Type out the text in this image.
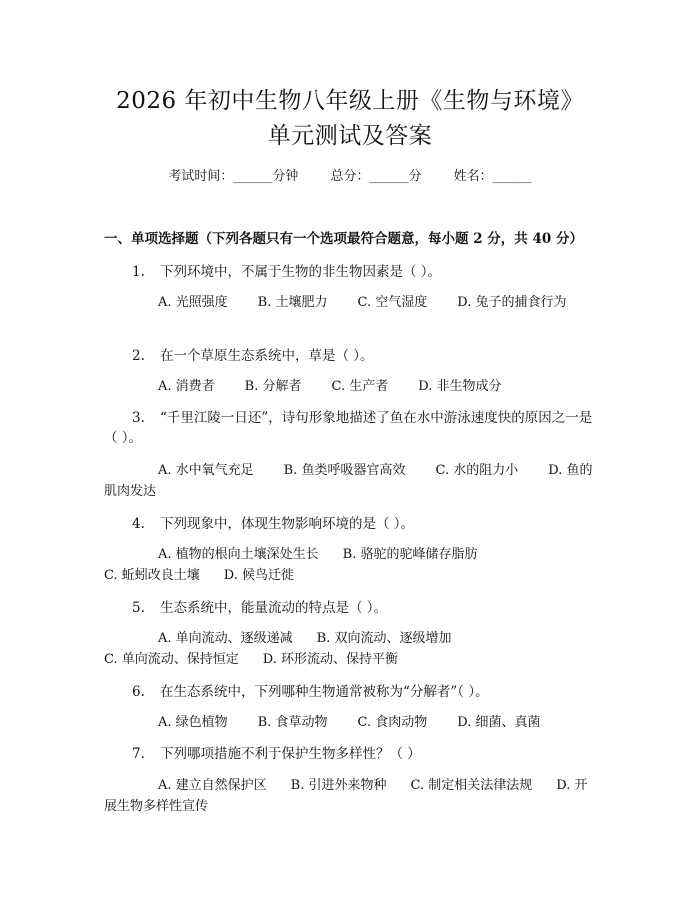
2026 年初中生物八年级上册《生物与环境》
单元测试及答案
考试时间：______分钟 总分：______分 姓名：______
一、单项选择题（下列各题只有一个选项最符合题意，每小题 2 分，共 40 分）
1. 下列环境中，不属于生物的非生物因素是（ ）。
A. 光照强度 B. 土壤肥力 C. 空气湿度 D. 兔子的捕食行为
2. 在一个草原生态系统中，草是（ ）。
A. 消费者 B. 分解者 C. 生产者 D. 非生物成分
3. “千里江陵一日还”，诗句形象地描述了鱼在水中游泳速度快的原因之一是（ ）。
A. 水中氧气充足 B. 鱼类呼吸器官高效 C. 水的阻力小 D. 鱼的肌肉发达
4. 下列现象中，体现生物影响环境的是（ ）。
A. 植物的根向土壤深处生长 B. 骆驼的驼峰储存脂肪C. 蚯蚓改良土壤 D. 候鸟迁徙
5. 生态系统中，能量流动的特点是（ ）。
A. 单向流动、逐级递减 B. 双向流动、逐级增加C. 单向流动、保持恒定 D. 环形流动、保持平衡
6. 在生态系统中，下列哪种生物通常被称为“分解者”（ ）。
A. 绿色植物 B. 食草动物 C. 食肉动物 D. 细菌、真菌
7. 下列哪项措施不利于保护生物多样性？（ ）
A. 建立自然保护区 B. 引进外来物种 C. 制定相关法律法规 D. 开展生物多样性宣传
